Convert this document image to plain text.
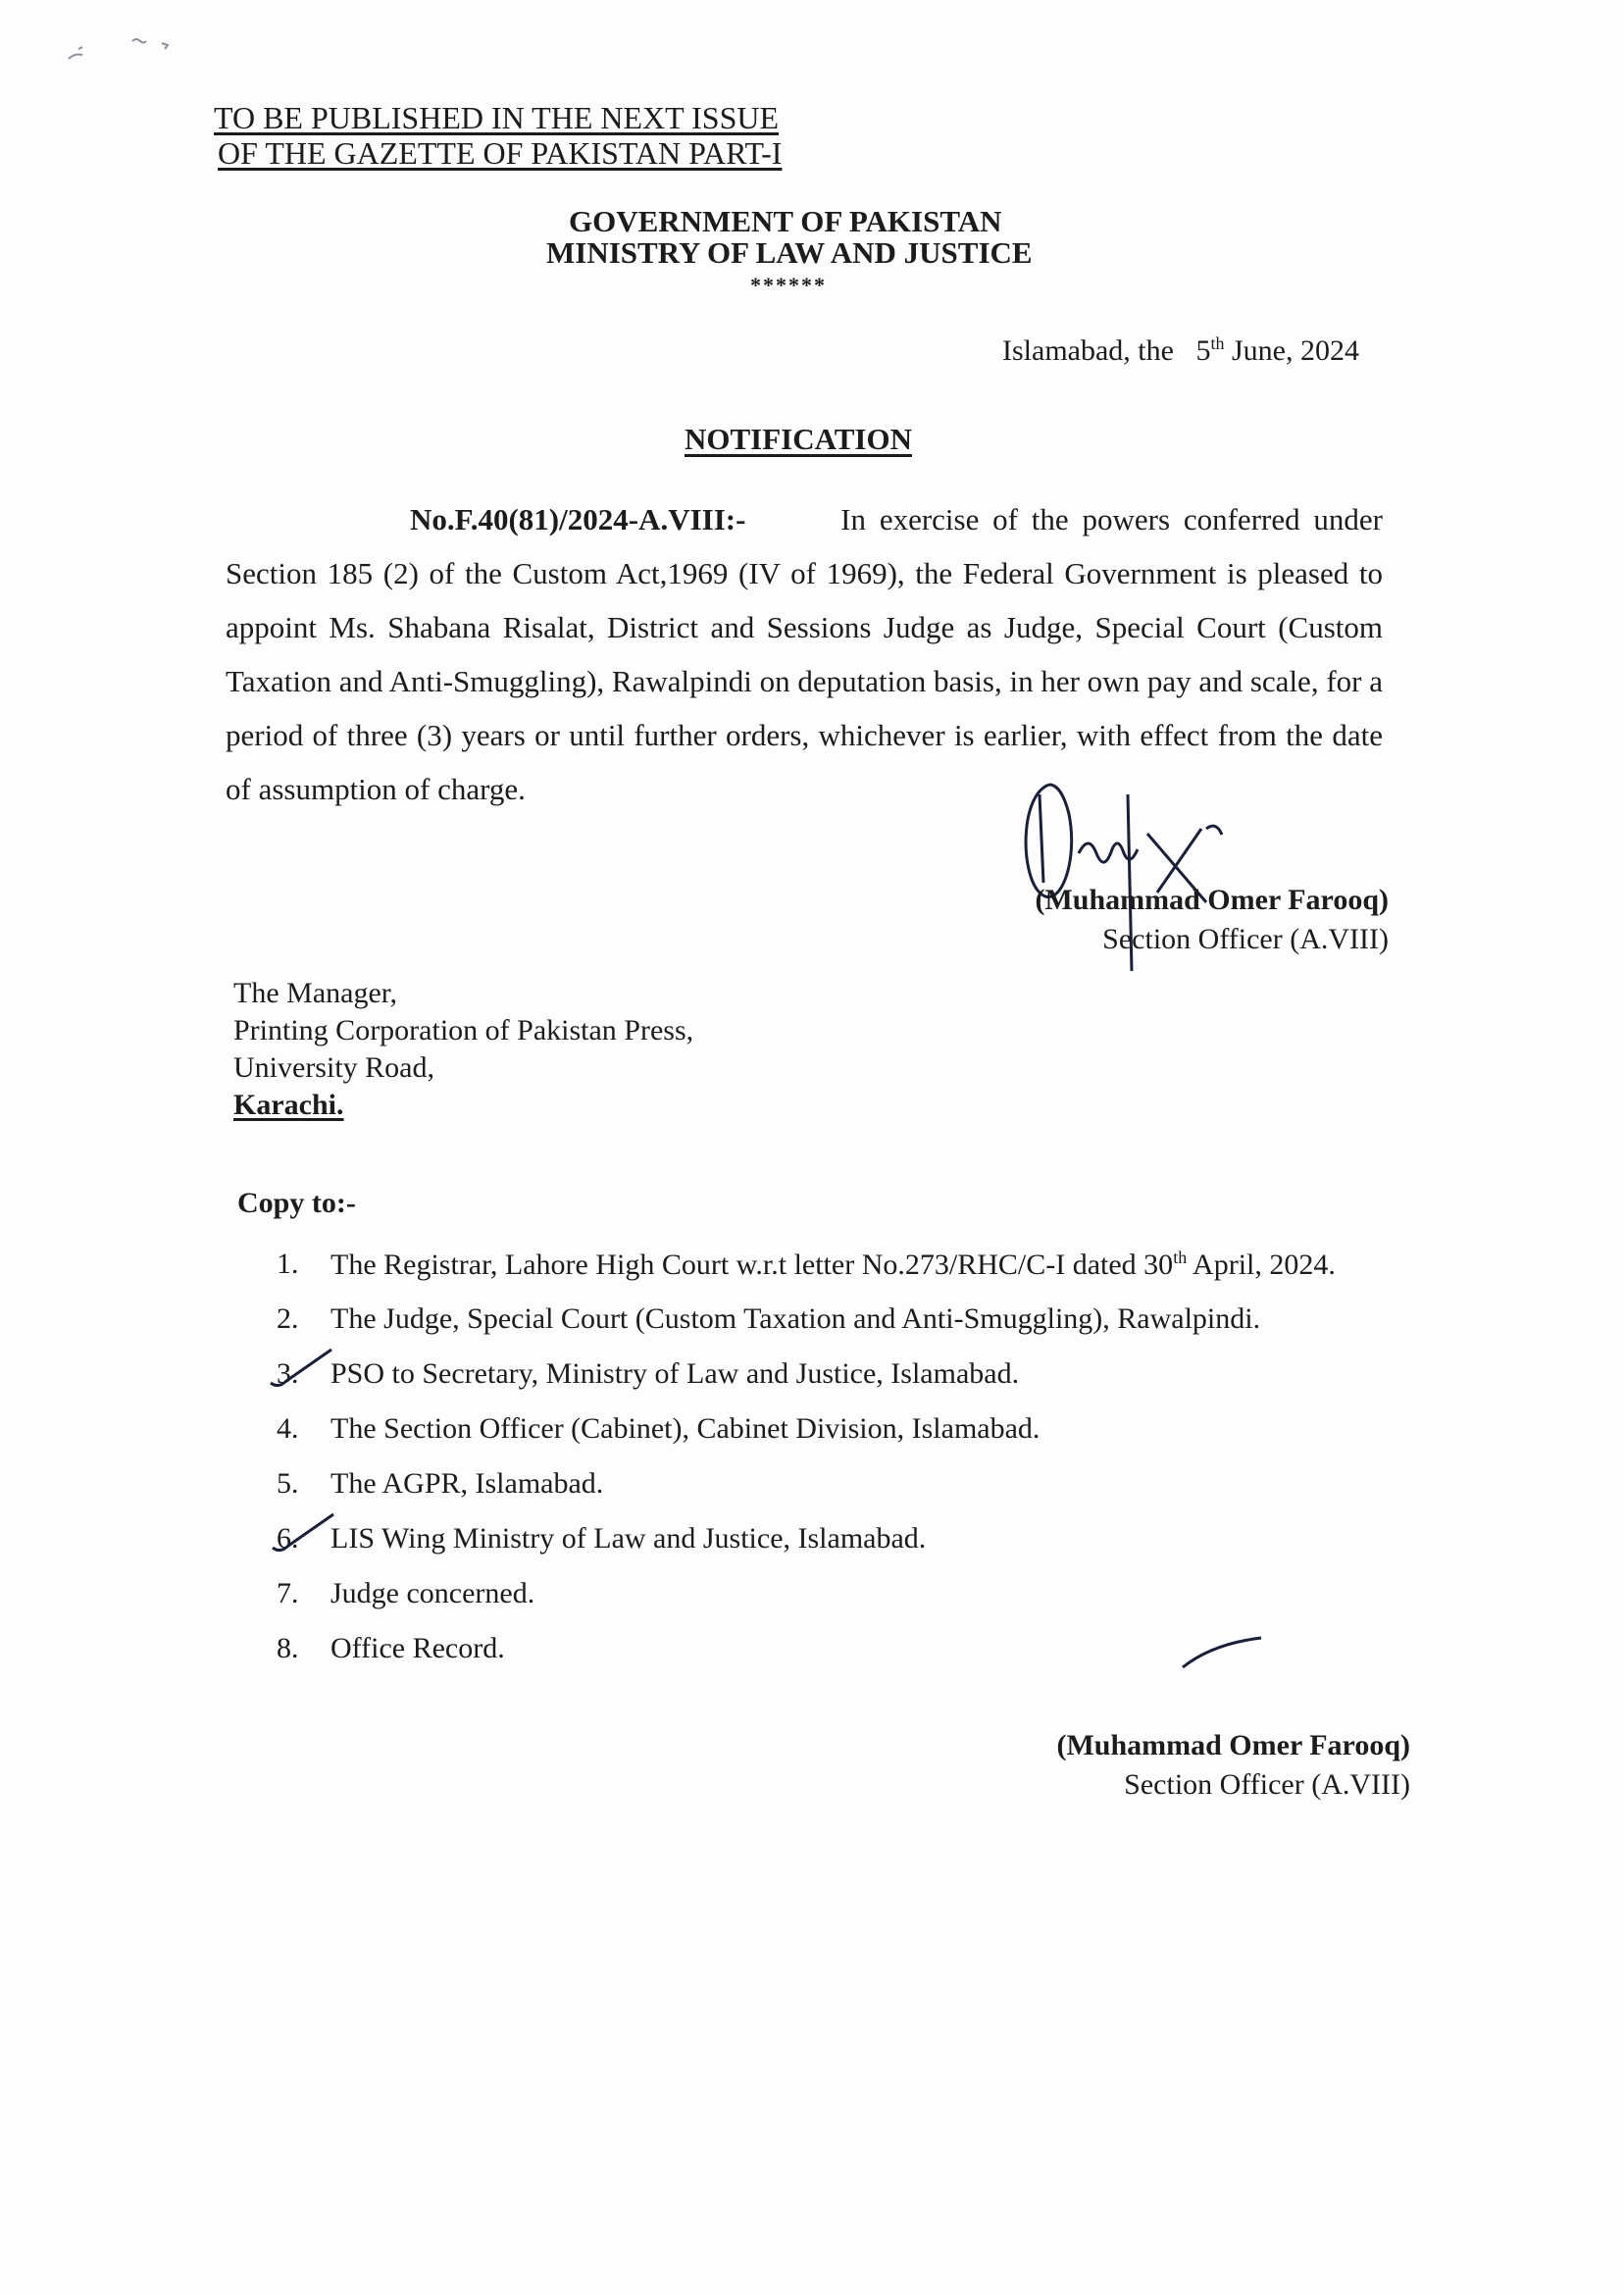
TO BE PUBLISHED IN THE NEXT ISSUE
OF THE GAZETTE OF PAKISTAN PART-I
GOVERNMENT OF PAKISTAN
MINISTRY OF LAW AND JUSTICE
******
Islamabad, the 5th June, 2024
NOTIFICATION
No.F.40(81)/2024-A.VIII:-	In exercise of the powers conferred under Section 185 (2) of the Custom Act,1969 (IV of 1969), the Federal Government is pleased to appoint Ms. Shabana Risalat, District and Sessions Judge as Judge, Special Court (Custom Taxation and Anti-Smuggling), Rawalpindi on deputation basis, in her own pay and scale, for a period of three (3) years or until further orders, whichever is earlier, with effect from the date of assumption of charge.
(Muhammad Omer Farooq)
Section Officer (A.VIII)
The Manager,
Printing Corporation of Pakistan Press,
University Road,
Karachi.
Copy to:-
1.	The Registrar, Lahore High Court w.r.t letter No.273/RHC/C-I dated 30th April, 2024.
2.	The Judge, Special Court (Custom Taxation and Anti-Smuggling), Rawalpindi.
3.	PSO to Secretary, Ministry of Law and Justice, Islamabad.
4.	The Section Officer (Cabinet), Cabinet Division, Islamabad.
5.	The AGPR, Islamabad.
6.	LIS Wing Ministry of Law and Justice, Islamabad.
7.	Judge concerned.
8.	Office Record.
(Muhammad Omer Farooq)
Section Officer (A.VIII)
